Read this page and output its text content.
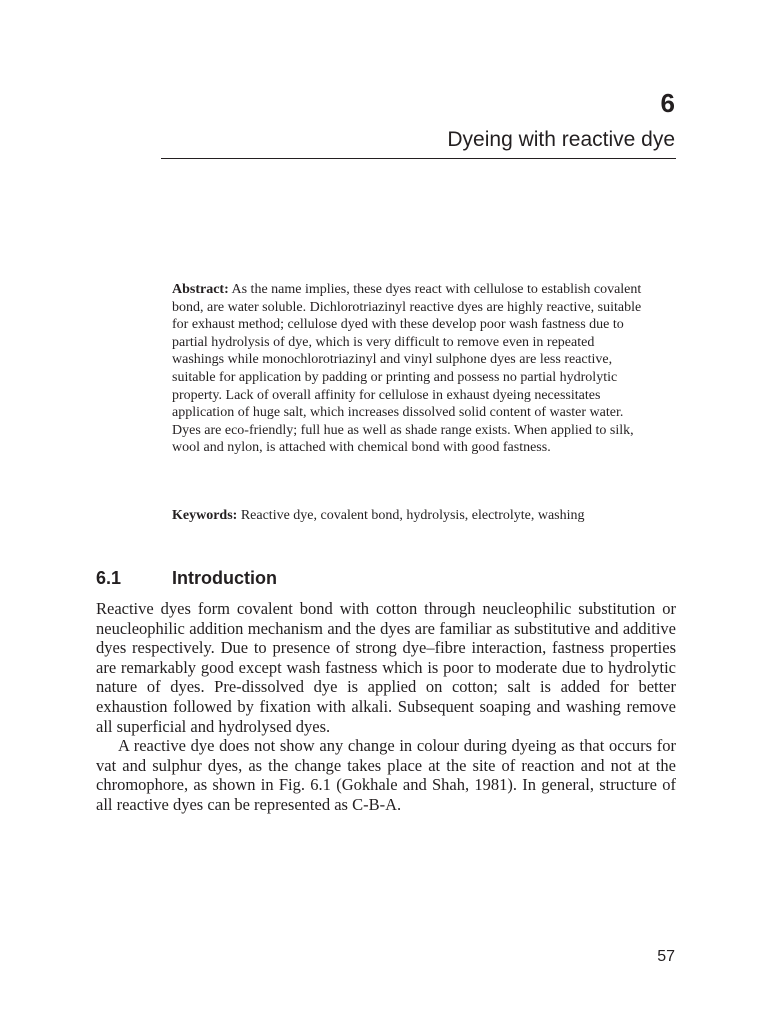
6
Dyeing with reactive dye
Abstract: As the name implies, these dyes react with cellulose to establish covalent bond, are water soluble. Dichlorotriazinyl reactive dyes are highly reactive, suitable for exhaust method; cellulose dyed with these develop poor wash fastness due to partial hydrolysis of dye, which is very difficult to remove even in repeated washings while monochlorotriazinyl and vinyl sulphone dyes are less reactive, suitable for application by padding or printing and possess no partial hydrolytic property. Lack of overall affinity for cellulose in exhaust dyeing necessitates application of huge salt, which increases dissolved solid content of waster water. Dyes are eco-friendly; full hue as well as shade range exists. When applied to silk, wool and nylon, is attached with chemical bond with good fastness.
Keywords: Reactive dye, covalent bond, hydrolysis, electrolyte, washing
6.1	Introduction

Reactive dyes form covalent bond with cotton through neucleophilic substitution or neucleophilic addition mechanism and the dyes are familiar as substitutive and additive dyes respectively. Due to presence of strong dye–fibre interaction, fastness properties are remarkably good except wash fastness which is poor to moderate due to hydrolytic nature of dyes. Pre-dissolved dye is applied on cotton; salt is added for better exhaustion followed by fixation with alkali. Subsequent soaping and washing remove all superficial and hydrolysed dyes.

A reactive dye does not show any change in colour during dyeing as that occurs for vat and sulphur dyes, as the change takes place at the site of reaction and not at the chromophore, as shown in Fig. 6.1 (Gokhale and Shah, 1981). In general, structure of all reactive dyes can be represented as C-B-A.

57
